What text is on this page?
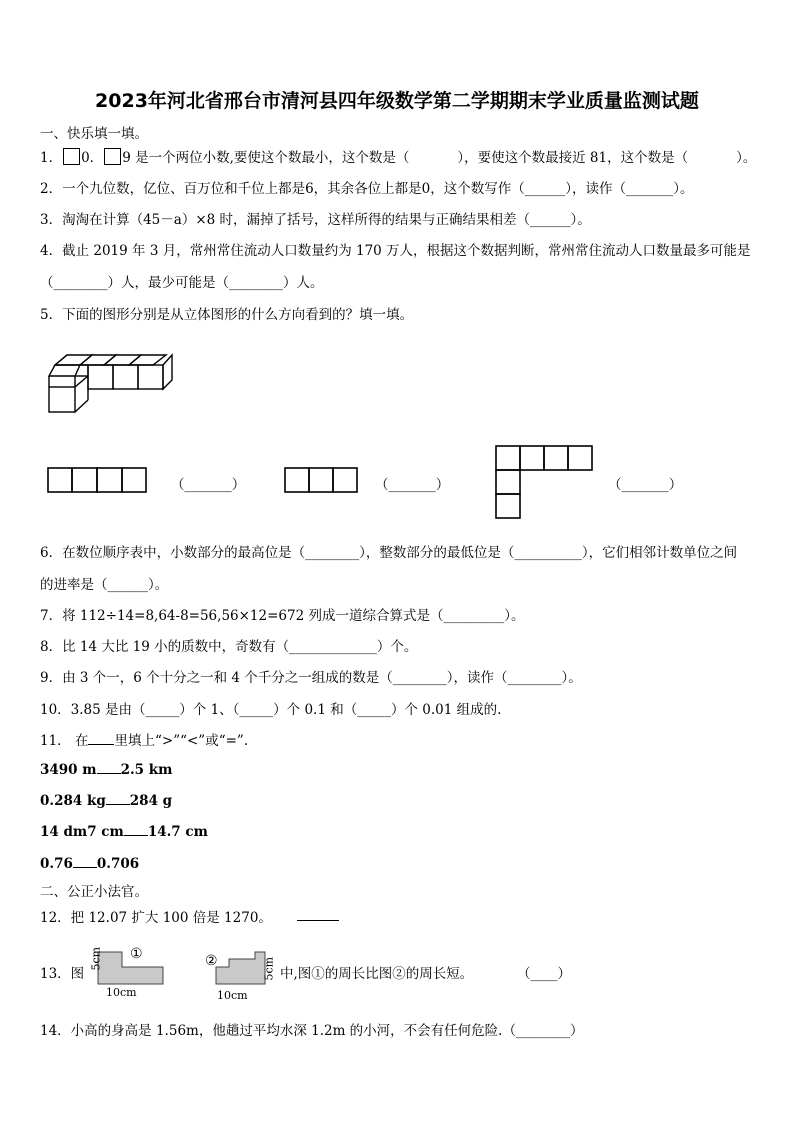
2023年河北省邢台市清河县四年级数学第二学期期末学业质量监测试题
一、快乐填一填。
1． 0． 9 是一个两位小数,要使这个数最小，这个数是（	），要使这个数最接近 81，这个数是（	）。
2．一个九位数，亿位、百万位和千位上都是6，其余各位上都是0，这个数写作（______），读作（_______）。
3．淘淘在计算（45－a）×8 时，漏掉了括号，这样所得的结果与正确结果相差（______）。
4．截止 2019 年 3 月，常州常住流动人口数量约为 170 万人，根据这个数据判断，常州常住流动人口数量最多可能是
（________）人，最少可能是（________）人。
5．下面的图形分别是从立体图形的什么方向看到的？填一填。
（_______）	（_______）	（_______）
6．在数位顺序表中，小数部分的最高位是（________），整数部分的最低位是（__________），它们相邻计数单位之间
的进率是（______）。
7．将 112÷14=8,64-8=56,56×12=672 列成一道综合算式是（_________）。
8．比 14 大比 19 小的质数中，奇数有（_____________）个。
9．由 3 个一，6 个十分之一和 4 个千分之一组成的数是（________），读作（________）。
10．3.85 是由（_____）个 1、（_____）个 0.1 和（_____）个 0.01 组成的.
11． 在 里填上“>”“<”或“=”.
3490 m 2.5 km
0.284 kg 284 g
14 dm7 cm 14.7 cm
0.76 0.706
二、公正小法官。
12．把 12.07 扩大 100 倍是 1270。
13．图
5cm ①
10cm
②	5cm
10cm
中,图①的周长比图②的周长短。	（____）
14．小高的身高是 1.56m，他趟过平均水深 1.2m 的小河，不会有任何危险.（________）
